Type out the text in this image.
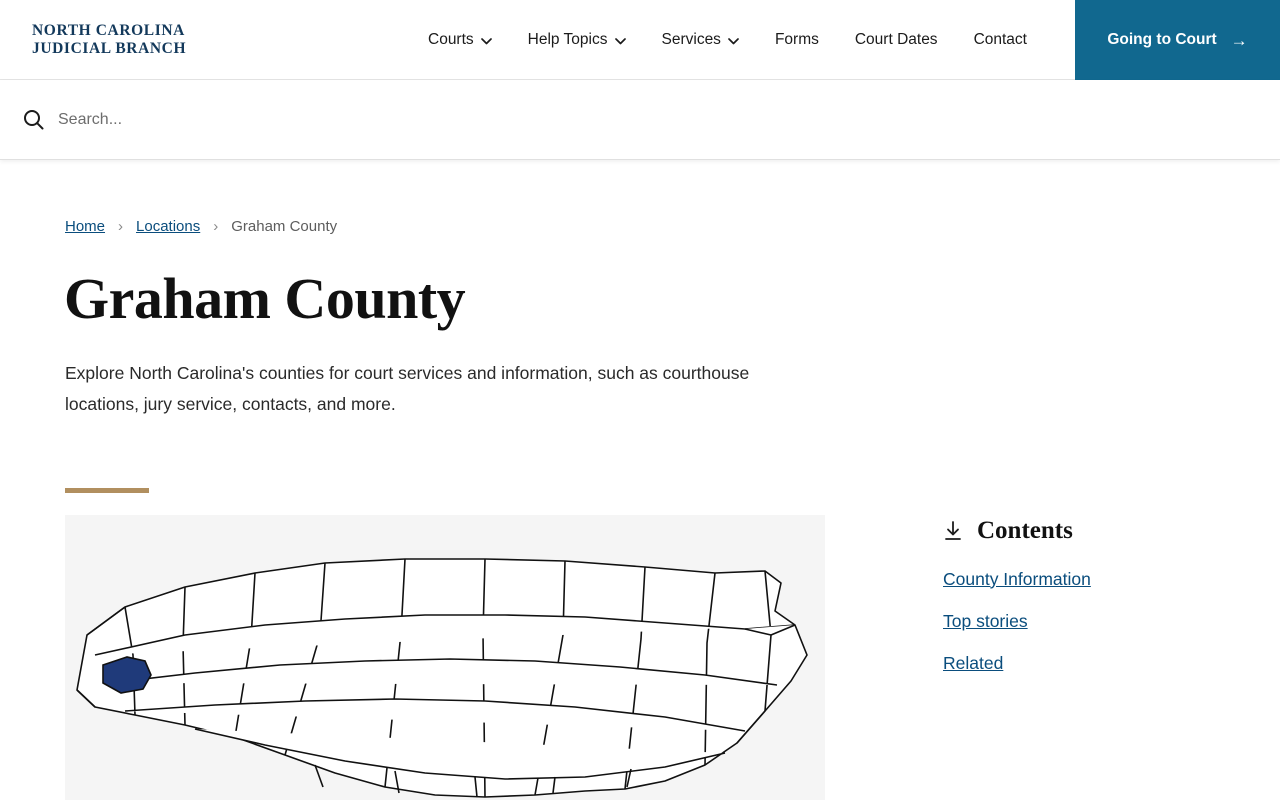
NORTH CAROLINA
JUDICIAL BRANCH	Courts	Help Topics	Services	Forms Court Dates Contact	Going to Court →
Search...
Home › Locations › Graham County
Graham County

Explore North Carolina's counties for court services and information, such as courthouse locations, jury service, contacts, and more.

Contents
County Information
Top stories
Related
